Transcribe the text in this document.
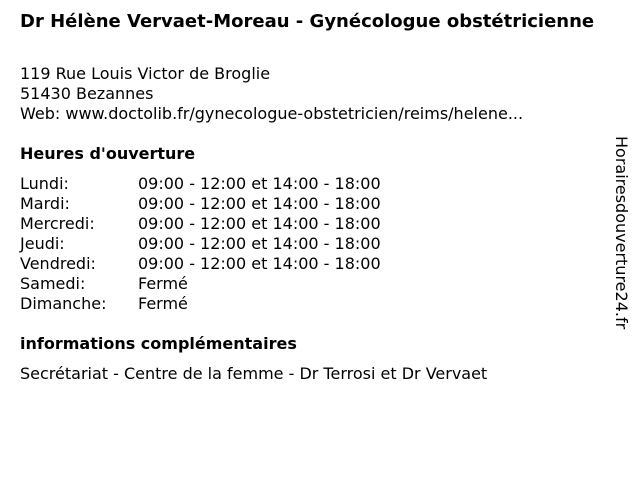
Dr Hélène Vervaet-Moreau - Gynécologue obstétricienne
119 Rue Louis Victor de Broglie
51430 Bezannes
Web: www.doctolib.fr/gynecologue-obstetricien/reims/helene...
Heures d'ouverture
Lundi:	09:00 - 12:00 et 14:00 - 18:00
Mardi:	09:00 - 12:00 et 14:00 - 18:00
Mercredi:	09:00 - 12:00 et 14:00 - 18:00
Jeudi:	09:00 - 12:00 et 14:00 - 18:00
Vendredi:	09:00 - 12:00 et 14:00 - 18:00
Samedi:	Fermé
Dimanche: Fermé
informations complémentaires
Secrétariat - Centre de la femme - Dr Terrosi et Dr Vervaet
Horairesdouverture24.fr
